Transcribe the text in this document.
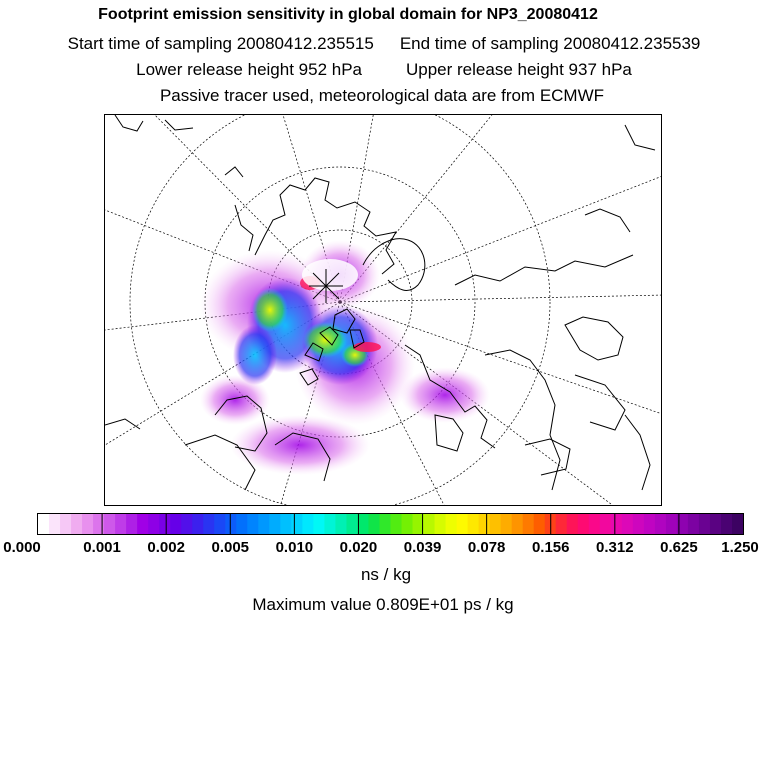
Footprint emission sensitivity in global domain for NP3_20080412
Start time of sampling 20080412.235515 End time of sampling 20080412.235539
Lower release height 952 hPa	Upper release height 937 hPa
Passive tracer used, meteorological data are from ECMWF
0.000	0.001 0.002 0.005 0.010 0.020 0.039 0.078 0.156 0.312 0.625 1.250
ns / kg
Maximum value 0.809E+01 ps / kg
